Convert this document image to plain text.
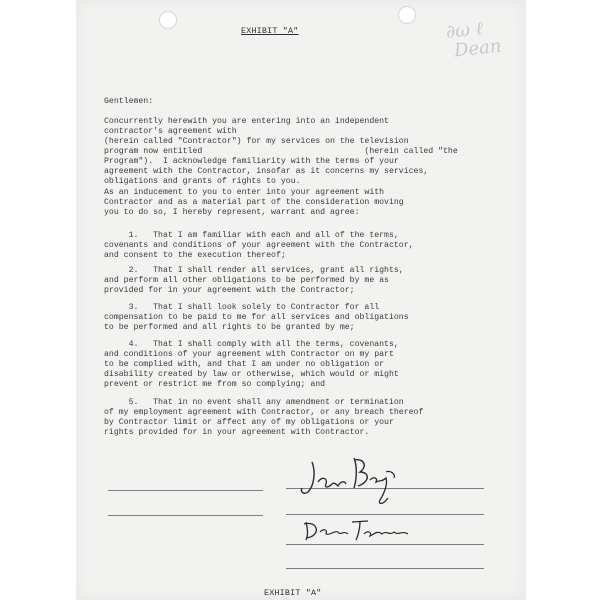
∂ω ℓ
Dean
EXHIBIT "A"
Gentlemen:
Concurrently herewith you are entering into an independent
contractor's agreement with
(herein called "Contractor") for my services on the television
program now entitled                                 (herein called "the
Program").  I acknowledge familiarity with the terms of your
agreement with the Contractor, insofar as it concerns my services,
obligations and grants of rights to you.
As an inducement to you to enter into your agreement with
Contractor and as a material part of the consideration moving
you to do so, I hereby represent, warrant and agree:
1.   That I am familiar with each and all of the terms,
covenants and conditions of your agreement with the Contractor,
and consent to the execution thereof;
2.   That I shall render all services, grant all rights,
and perform all other obligations to be performed by me as
provided for in your agreement with the Contractor;
3.   That I shall look solely to Contractor for all
compensation to be paid to me for all services and obligations
to be performed and all rights to be granted by me;
4.   That I shall comply with all the terms, covenants,
and conditions of your agreement with Contractor on my part
to be complied with, and that I am under no obligation or
disability created by law or otherwise, which would or might
prevent or restrict me from so complying; and
5.   That in no event shall any amendment or termination
of my employment agreement with Contractor, or any breach thereof
by Contractor limit or affect any of my obligations or your
rights provided for in your agreement with Contractor.
EXHIBIT "A"
